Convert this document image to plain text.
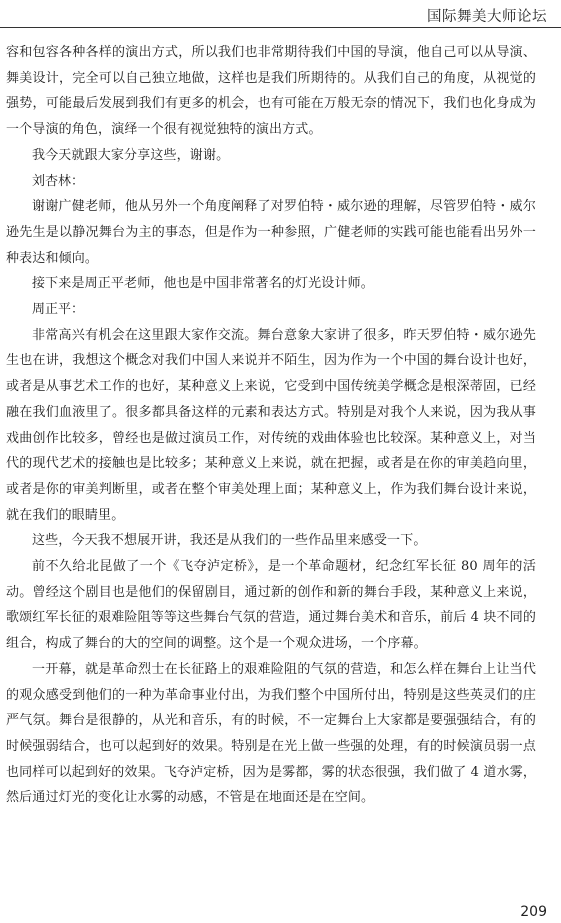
国际舞美大师论坛

容和包容各种各样的演出方式，所以我们也非常期待我们中国的导演，他自己可以从导演、舞美设计，完全可以自己独立地做，这样也是我们所期待的。从我们自己的角度，从视觉的强势，可能最后发展到我们有更多的机会，也有可能在万般无奈的情况下，我们也化身成为一个导演的角色，演绎一个很有视觉独特的演出方式。

我今天就跟大家分享这些，谢谢。

刘杏林：

谢谢广健老师，他从另外一个角度阐释了对罗伯特・威尔逊的理解，尽管罗伯特・威尔逊先生是以静况舞台为主的事态，但是作为一种参照，广健老师的实践可能也能看出另外一种表达和倾向。

接下来是周正平老师，他也是中国非常著名的灯光设计师。

周正平：

非常高兴有机会在这里跟大家作交流。舞台意象大家讲了很多，昨天罗伯特・威尔逊先生也在讲，我想这个概念对我们中国人来说并不陌生，因为作为一个中国的舞台设计也好，或者是从事艺术工作的也好，某种意义上来说，它受到中国传统美学概念是根深蒂固，已经融在我们血液里了。很多都具备这样的元素和表达方式。特别是对我个人来说，因为我从事戏曲创作比较多，曾经也是做过演员工作，对传统的戏曲体验也比较深。某种意义上，对当代的现代艺术的接触也是比较多；某种意义上来说，就在把握，或者是在你的审美趋向里，或者是你的审美判断里，或者在整个审美处理上面；某种意义上，作为我们舞台设计来说，就在我们的眼睛里。

这些，今天我不想展开讲，我还是从我们的一些作品里来感受一下。

前不久给北昆做了一个《飞夺泸定桥》，是一个革命题材，纪念红军长征 80 周年的活动。曾经这个剧目也是他们的保留剧目，通过新的创作和新的舞台手段，某种意义上来说，歌颂红军长征的艰难险阻等等这些舞台气氛的营造，通过舞台美术和音乐，前后 4 块不同的组合，构成了舞台的大的空间的调整。这个是一个观众进场，一个序幕。

一开幕，就是革命烈士在长征路上的艰难险阻的气氛的营造，和怎么样在舞台上让当代的观众感受到他们的一种为革命事业付出，为我们整个中国所付出，特别是这些英灵们的庄严气氛。舞台是很静的，从光和音乐，有的时候，不一定舞台上大家都是要强强结合，有的时候强弱结合，也可以起到好的效果。特别是在光上做一些强的处理，有的时候演员弱一点也同样可以起到好的效果。飞夺泸定桥，因为是雾都，雾的状态很强，我们做了 4 道水雾，然后通过灯光的变化让水雾的动感，不管是在地面还是在空间。

209
